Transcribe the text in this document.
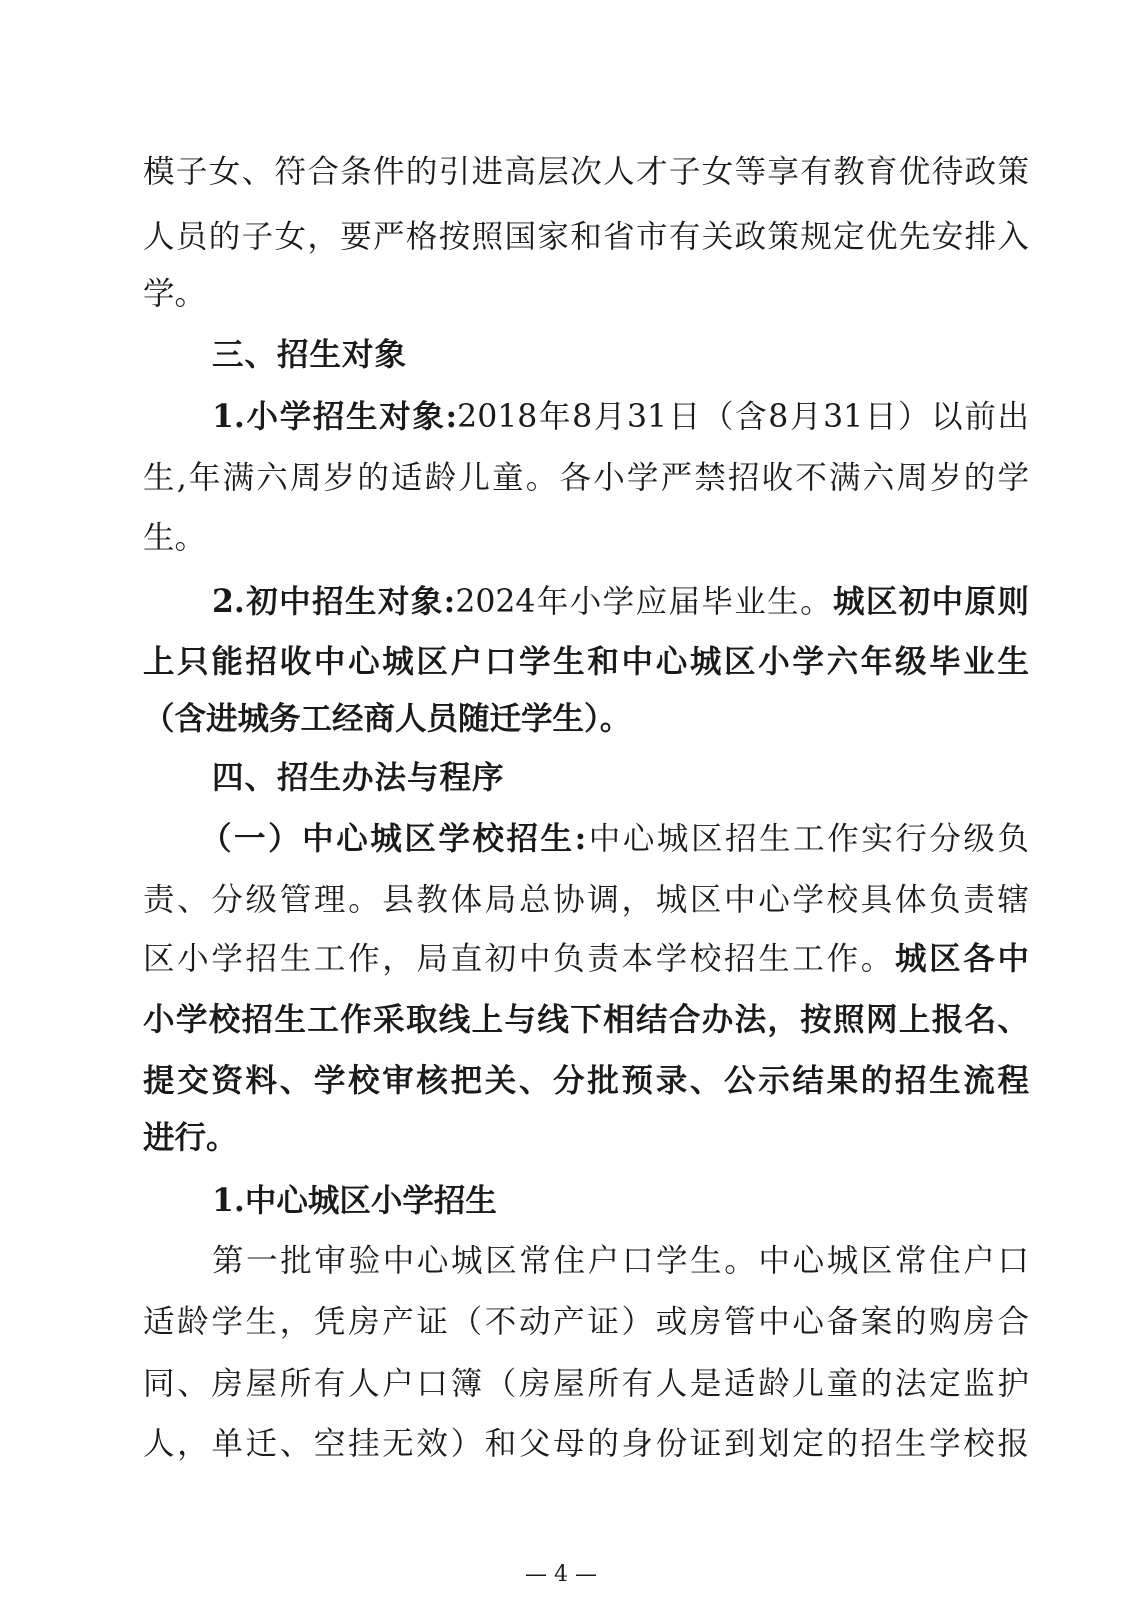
模子女、符合条件的引进高层次人才子女等享有教育优待政策
人员的子女，要严格按照国家和省市有关政策规定优先安排入
学。
三、招生对象
1.小学招生对象:2018年8月31日（含8月31日）以前出
生,年满六周岁的适龄儿童。各小学严禁招收不满六周岁的学
生。
2.初中招生对象:2024年小学应届毕业生。城区初中原则
上只能招收中心城区户口学生和中心城区小学六年级毕业生
（含进城务工经商人员随迁学生）。
四、招生办法与程序
（一）中心城区学校招生:中心城区招生工作实行分级负
责、分级管理。县教体局总协调，城区中心学校具体负责辖
区小学招生工作，局直初中负责本学校招生工作。城区各中
小学校招生工作采取线上与线下相结合办法，按照网上报名、
提交资料、学校审核把关、分批预录、公示结果的招生流程
进行。
1.中心城区小学招生
第一批审验中心城区常住户口学生。中心城区常住户口
适龄学生，凭房产证（不动产证）或房管中心备案的购房合
同、房屋所有人户口簿（房屋所有人是适龄儿童的法定监护
人，单迁、空挂无效）和父母的身份证到划定的招生学校报
— 4 —
